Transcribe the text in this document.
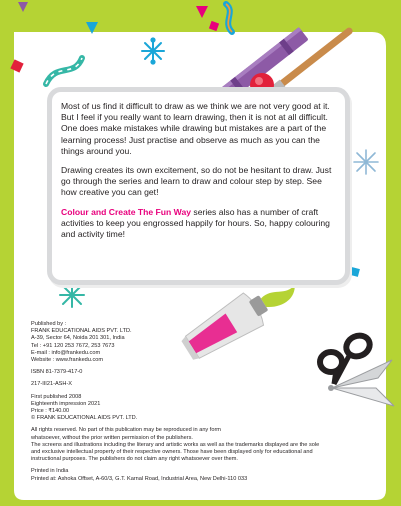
Most of us find it difficult to draw as we think we are not very good at it. But I feel if you really want to learn drawing, then it is not at all difficult. One does make mistakes while drawing but mistakes are a part of the learning process! Just practise and observe as much as you can the things around you.

Drawing creates its own excitement, so do not be hesitant to draw. Just go through the series and learn to draw and colour step by step. See how creative you can get!

Colour and Create The Fun Way series also has a number of craft activities to keep you engrossed happily for hours. So, happy colouring and activity time!

Published by :
FRANK EDUCATIONAL AIDS PVT. LTD.
A-39, Sector 64, Noida 201 301, India
Tel : +91 120 253 7672, 253 7673
E-mail : info@frankedu.com
Website : www.frankedu.com
ISBN 81-7379-417-0
217-III21-ASH-X
First published 2008
Eighteenth impression 2021
Price : ₹140.00
© FRANK EDUCATIONAL AIDS PVT. LTD.
All rights reserved. No part of this publication may be reproduced in any form
whatsoever, without the prior written permission of the publishers.
The screens and illustrations including the literary and artistic works as well as the trademarks displayed are the sole
and exclusive intellectual property of their respective owners. Those have been displayed only for educational and
instructional purposes. The publishers do not claim any right whatsoever over them.
Printed in India
Printed at: Ashoka Offset, A-60/3, G.T. Karnal Road, Industrial Area, New Delhi-110 033
